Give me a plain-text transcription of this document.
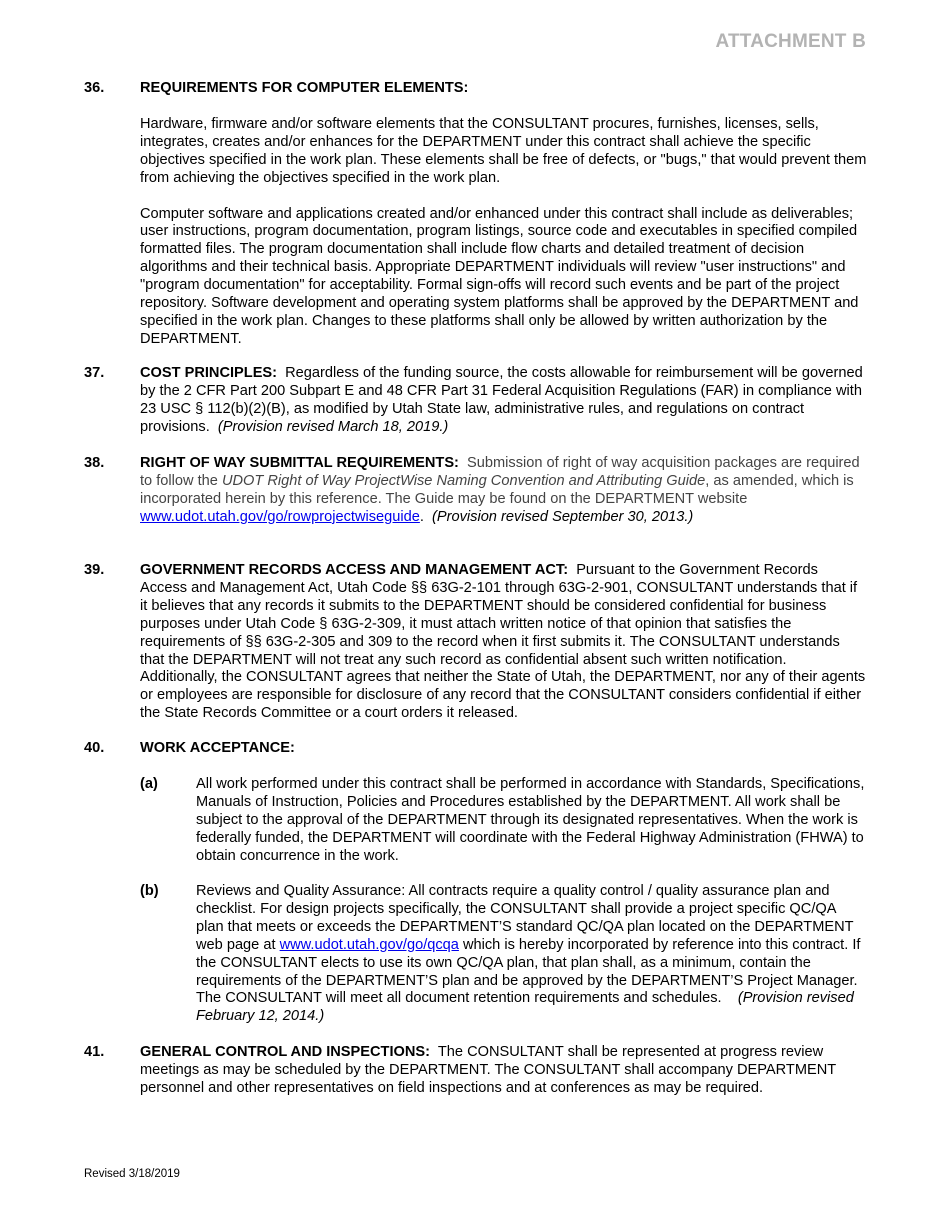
ATTACHMENT B
36. REQUIREMENTS FOR COMPUTER ELEMENTS:

Hardware, firmware and/or software elements that the CONSULTANT procures, furnishes, licenses, sells, integrates, creates and/or enhances for the DEPARTMENT under this contract shall achieve the specific objectives specified in the work plan. These elements shall be free of defects, or "bugs," that would prevent them from achieving the objectives specified in the work plan.

Computer software and applications created and/or enhanced under this contract shall include as deliverables; user instructions, program documentation, program listings, source code and executables in specified compiled formatted files. The program documentation shall include flow charts and detailed treatment of decision algorithms and their technical basis. Appropriate DEPARTMENT individuals will review "user instructions" and "program documentation" for acceptability. Formal sign-offs will record such events and be part of the project repository. Software development and operating system platforms shall be approved by the DEPARTMENT and specified in the work plan. Changes to these platforms shall only be allowed by written authorization by the DEPARTMENT.

37. COST PRINCIPLES: Regardless of the funding source, the costs allowable for reimbursement will be governed by the 2 CFR Part 200 Subpart E and 48 CFR Part 31 Federal Acquisition Regulations (FAR) in compliance with 23 USC § 112(b)(2)(B), as modified by Utah State law, administrative rules, and regulations on contract provisions. (Provision revised March 18, 2019.)

38. RIGHT OF WAY SUBMITTAL REQUIREMENTS: Submission of right of way acquisition packages are required to follow the UDOT Right of Way ProjectWise Naming Convention and Attributing Guide, as amended, which is incorporated herein by this reference. The Guide may be found on the DEPARTMENT website www.udot.utah.gov/go/rowprojectwiseguide.  (Provision revised September 30, 2013.)

39. GOVERNMENT RECORDS ACCESS AND MANAGEMENT ACT: Pursuant to the Government Records Access and Management Act, Utah Code §§ 63G-2-101 through 63G-2-901, CONSULTANT understands that if it believes that any records it submits to the DEPARTMENT should be considered confidential for business purposes under Utah Code § 63G-2-309, it must attach written notice of that opinion that satisfies the requirements of §§ 63G-2-305 and 309 to the record when it first submits it. The CONSULTANT understands that the DEPARTMENT will not treat any such record as confidential absent such written notification. Additionally, the CONSULTANT agrees that neither the State of Utah, the DEPARTMENT, nor any of their agents or employees are responsible for disclosure of any record that the CONSULTANT considers confidential if either the State Records Committee or a court orders it released.

40. WORK ACCEPTANCE:

(a)	All work performed under this contract shall be performed in accordance with Standards, Specifications, Manuals of Instruction, Policies and Procedures established by the DEPARTMENT. All work shall be subject to the approval of the DEPARTMENT through its designated representatives. When the work is federally funded, the DEPARTMENT will coordinate with the Federal Highway Administration (FHWA) to obtain concurrence in the work.

(b)	Reviews and Quality Assurance: All contracts require a quality control / quality assurance plan and checklist. For design projects specifically, the CONSULTANT shall provide a project specific QC/QA plan that meets or exceeds the DEPARTMENT’S standard QC/QA plan located on the DEPARTMENT web page at www.udot.utah.gov/go/qcqa which is hereby incorporated by reference into this contract. If the CONSULTANT elects to use its own QC/QA plan, that plan shall, as a minimum, contain the requirements of the DEPARTMENT’S plan and be approved by the DEPARTMENT’S Project Manager. The CONSULTANT will meet all document retention requirements and schedules. (Provision revised February 12, 2014.)

41. GENERAL CONTROL AND INSPECTIONS: The CONSULTANT shall be represented at progress review meetings as may be scheduled by the DEPARTMENT. The CONSULTANT shall accompany DEPARTMENT personnel and other representatives on field inspections and at conferences as may be required.

Revised 3/18/2019
